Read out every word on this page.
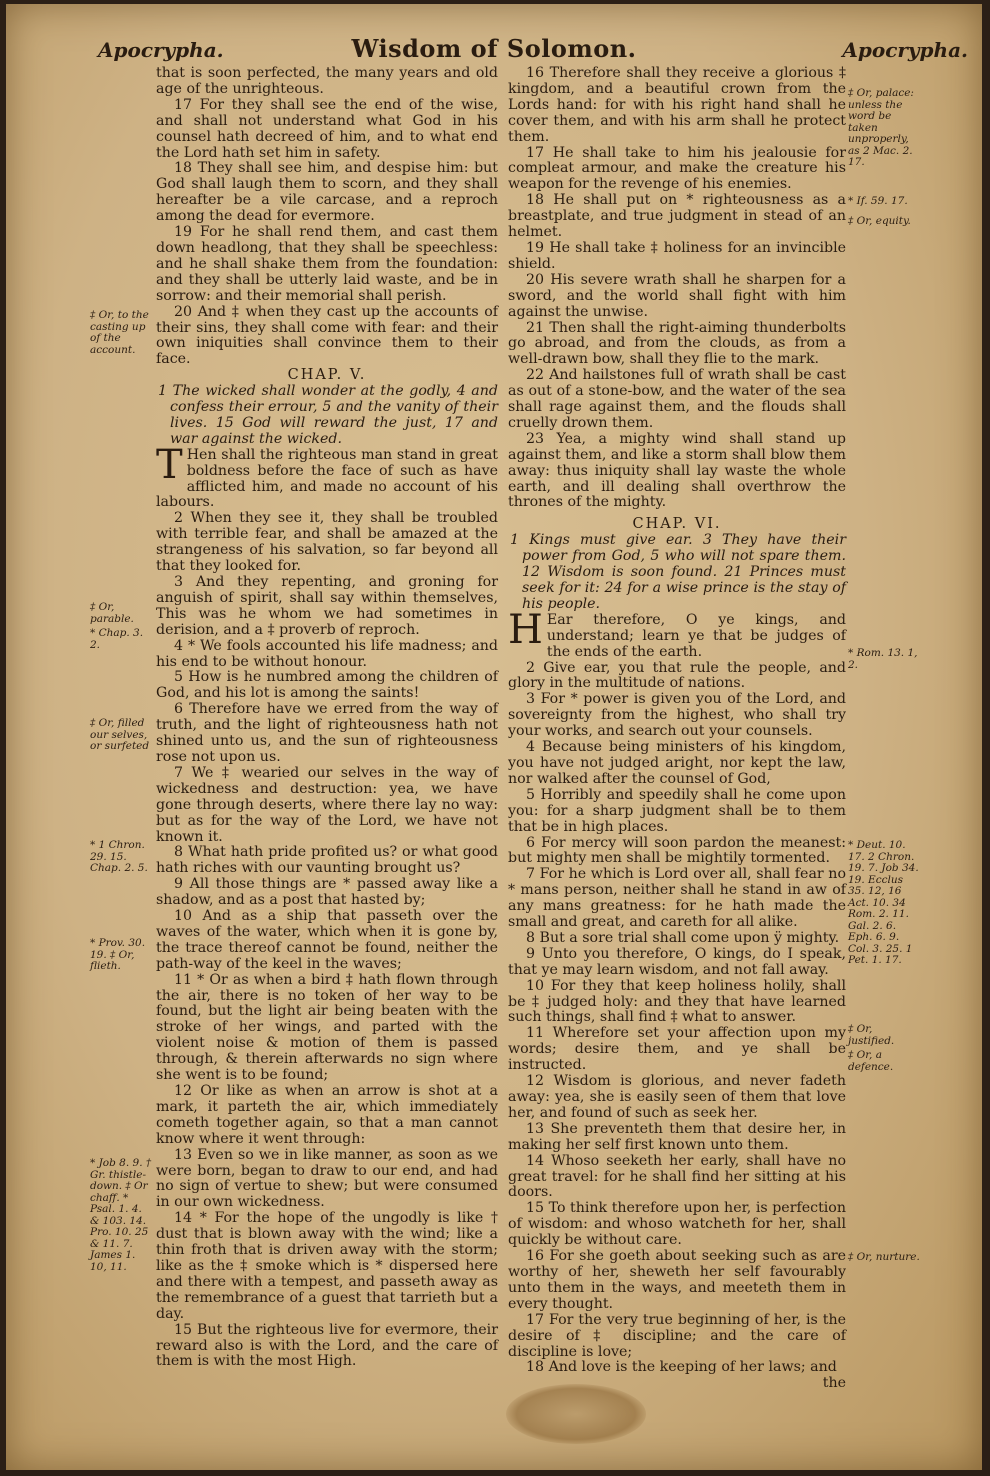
Apocrypha.	Wisdom of Solomon.	Apocrypha.
‡ Or, to the casting up of the account.
‡ Or, parable.
* Chap. 3. 2.
‡ Or, filled our selves, or surfeted
* 1 Chron. 29. 15. Chap. 2. 5.
* Prov. 30. 19. ‡ Or, flieth.
* Job 8. 9. † Gr. thistle-down. ‡ Or chaff. * Psal. 1. 4. & 103. 14. Pro. 10. 25 & 11. 7. James 1. 10, 11.

that is soon perfected, the many years and old age of the unrighteous.

17 For they shall see the end of the wise, and shall not understand what God in his counsel hath decreed of him, and to what end the Lord hath set him in safety.

18 They shall see him, and despise him: but God shall laugh them to scorn, and they shall hereafter be a vile carcase, and a reproch among the dead for evermore.

19 For he shall rend them, and cast them down headlong, that they shall be speechless: and he shall shake them from the foundation: and they shall be utterly laid waste, and be in sorrow: and their memorial shall perish.

20 And ‡ when they cast up the accounts of their sins, they shall come with fear: and their own iniquities shall convince them to their face.

CHAP. V.

1 The wicked shall wonder at the godly, 4 and confess their errour, 5 and the vanity of their lives. 15 God will reward the just, 17 and war against the wicked.

T Hen shall the righteous man stand in great boldness before the face of such as have afflicted him, and made no account of his labours.

2 When they see it, they shall be troubled with terrible fear, and shall be amazed at the strangeness of his salvation, so far beyond all that they looked for.

3 And they repenting, and groning for anguish of spirit, shall say within themselves, This was he whom we had sometimes in derision, and a ‡ proverb of reproch.

4 * We fools accounted his life madness; and his end to be without honour.

5 How is he numbred among the children of God, and his lot is among the saints!

6 Therefore have we erred from the way of truth, and the light of righteousness hath not shined unto us, and the sun of righteousness rose not upon us.

7 We ‡ wearied our selves in the way of wickedness and destruction: yea, we have gone through deserts, where there lay no way: but as for the way of the Lord, we have not known it.

8 What hath pride profited us? or what good hath riches with our vaunting brought us?

9 All those things are * passed away like a shadow, and as a post that hasted by;

10 And as a ship that passeth over the waves of the water, which when it is gone by, the trace thereof cannot be found, neither the path-way of the keel in the waves;

11 * Or as when a bird ‡ hath flown through the air, there is no token of her way to be found, but the light air being beaten with the stroke of her wings, and parted with the violent noise & motion of them is passed through, & therein afterwards no sign where she went is to be found;

12 Or like as when an arrow is shot at a mark, it parteth the air, which immediately cometh together again, so that a man cannot know where it went through:

13 Even so we in like manner, as soon as we were born, began to draw to our end, and had no sign of vertue to shew; but were consumed in our own wickedness.

14 * For the hope of the ungodly is like † dust that is blown away with the wind; like a thin froth that is driven away with the storm; like as the ‡ smoke which is * dispersed here and there with a tempest, and passeth away as the remembrance of a guest that tarrieth but a day.

15 But the righteous live for evermore, their reward also is with the Lord, and the care of them is with the most High.

16 Therefore shall they receive a glorious ‡ kingdom, and a beautiful crown from the Lords hand: for with his right hand shall he cover them, and with his arm shall he protect them.

17 He shall take to him his jealousie for compleat armour, and make the creature his weapon for the revenge of his enemies.

18 He shall put on * righteousness as a breastplate, and true judgment in stead of an helmet.

19 He shall take ‡ holiness for an invincible shield.

20 His severe wrath shall he sharpen for a sword, and the world shall fight with him against the unwise.

21 Then shall the right-aiming thunderbolts go abroad, and from the clouds, as from a well-drawn bow, shall they flie to the mark.

22 And hailstones full of wrath shall be cast as out of a stone-bow, and the water of the sea shall rage against them, and the flouds shall cruelly drown them.

23 Yea, a mighty wind shall stand up against them, and like a storm shall blow them away: thus iniquity shall lay waste the whole earth, and ill dealing shall overthrow the thrones of the mighty.

CHAP. VI.

1 Kings must give ear. 3 They have their power from God, 5 who will not spare them. 12 Wisdom is soon found. 21 Princes must seek for it: 24 for a wise prince is the stay of his people.

H Ear therefore, O ye kings, and understand; learn ye that be judges of the ends of the earth.

2 Give ear, you that rule the people, and glory in the multitude of nations.

3 For * power is given you of the Lord, and sovereignty from the highest, who shall try your works, and search out your counsels.

4 Because being ministers of his kingdom, you have not judged aright, nor kept the law, nor walked after the counsel of God,

5 Horribly and speedily shall he come upon you: for a sharp judgment shall be to them that be in high places.

6 For mercy will soon pardon the meanest: but mighty men shall be mightily tormented.

7 For he which is Lord over all, shall fear no * mans person, neither shall he stand in aw of any mans greatness: for he hath made the small and great, and careth for all alike.

8 But a sore trial shall come upon ÿ mighty.

9 Unto you therefore, O kings, do I speak, that ye may learn wisdom, and not fall away.

10 For they that keep holiness holily, shall be ‡ judged holy: and they that have learned such things, shall find ‡ what to answer.

11 Wherefore set your affection upon my words; desire them, and ye shall be instructed.

12 Wisdom is glorious, and never fadeth away: yea, she is easily seen of them that love her, and found of such as seek her.

13 She preventeth them that desire her, in making her self first known unto them.

14 Whoso seeketh her early, shall have no great travel: for he shall find her sitting at his doors.

15 To think therefore upon her, is perfection of wisdom: and whoso watcheth for her, shall quickly be without care.

16 For she goeth about seeking such as are worthy of her, sheweth her self favourably unto them in the ways, and meeteth them in every thought.

17 For the very true beginning of her, is the desire of ‡ discipline; and the care of discipline is love;

18 And love is the keeping of her laws; and

the
‡ Or, palace: unless the word be taken unproperly, as 2 Mac. 2. 17.
* If. 59. 17.
‡ Or, equity.
* Rom. 13. 1, 2.
* Deut. 10. 17. 2 Chron. 19. 7. Job 34. 19. Ecclus 35. 12, 16 Act. 10. 34 Rom. 2. 11. Gal. 2. 6. Eph. 6. 9. Col. 3. 25. 1 Pet. 1. 17.
‡ Or, justified.
‡ Or, a defence.
‡ Or, nurture.
